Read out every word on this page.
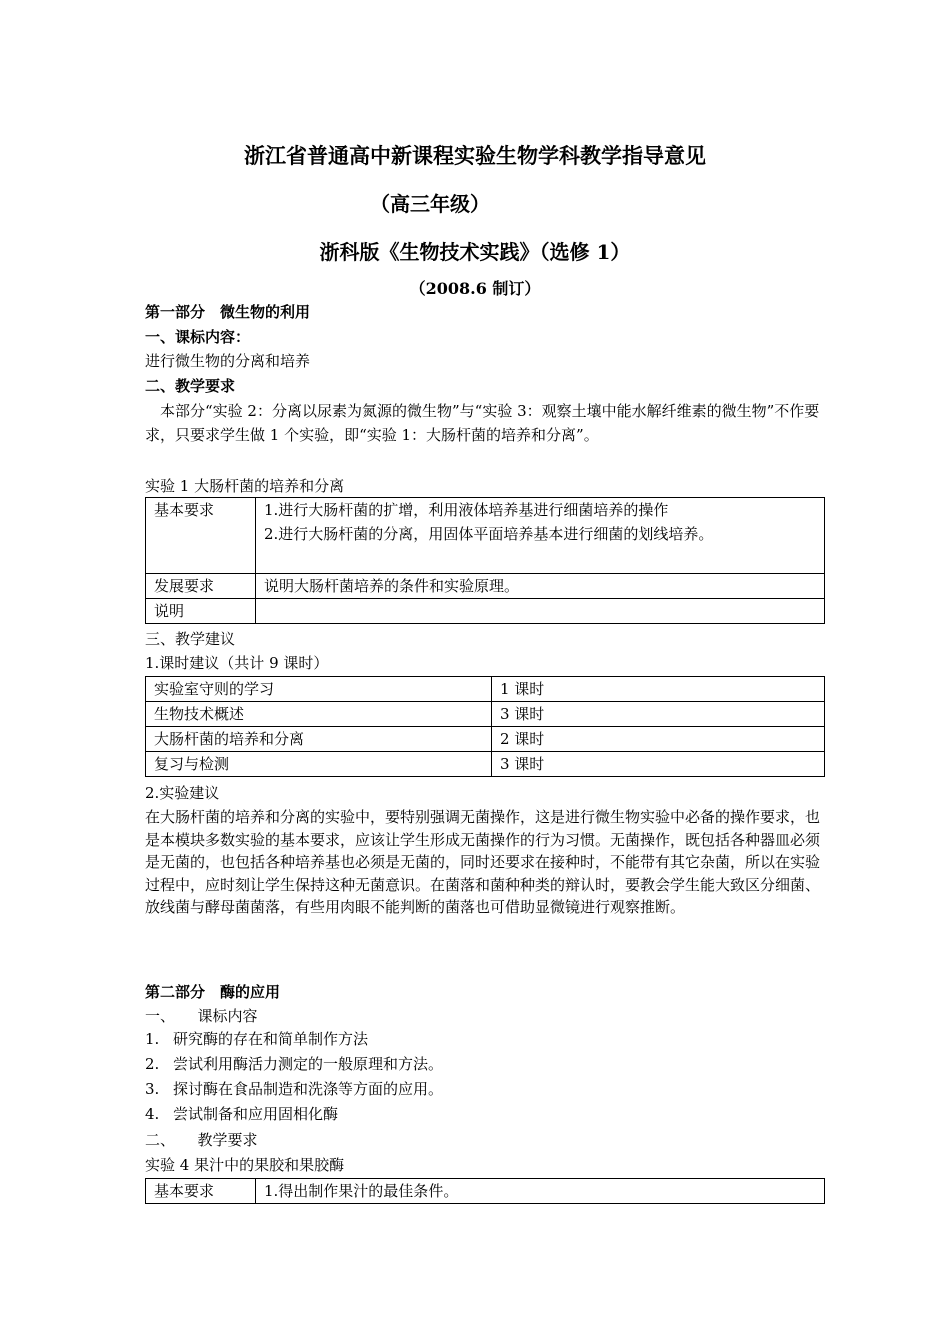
浙江省普通高中新课程实验生物学科教学指导意见
（高三年级）
浙科版《生物技术实践》（选修 1）
（2008.6 制订）
第一部分　微生物的利用
一、课标内容：
进行微生物的分离和培养
二、教学要求
本部分“实验 2：分离以尿素为氮源的微生物”与“实验 3：观察土壤中能水解纤维素的微生物”不作要求，只要求学生做 1 个实验，即“实验 1：大肠杆菌的培养和分离”。
实验 1 大肠杆菌的培养和分离
基本要求	1.进行大肠杆菌的扩增，利用液体培养基进行细菌培养的操作
2.进行大肠杆菌的分离，用固体平面培养基本进行细菌的划线培养。

发展要求	说明大肠杆菌培养的条件和实验原理。
说明	
三、教学建议
1.课时建议（共计 9 课时）
实验室守则的学习	1 课时
生物技术概述	3 课时
大肠杆菌的培养和分离	2 课时
复习与检测	3 课时
2.实验建议
在大肠杆菌的培养和分离的实验中，要特别强调无菌操作，这是进行微生物实验中必备的操作要求，也是本模块多数实验的基本要求，应该让学生形成无菌操作的行为习惯。无菌操作，既包括各种器皿必须是无菌的，也包括各种培养基也必须是无菌的，同时还要求在接种时，不能带有其它杂菌，所以在实验过程中，应时刻让学生保持这种无菌意识。在菌落和菌种种类的辩认时，要教会学生能大致区分细菌、放线菌与酵母菌菌落，有些用肉眼不能判断的菌落也可借助显微镜进行观察推断。
第二部分　酶的应用
一、　　课标内容
1. 研究酶的存在和简单制作方法
2. 尝试利用酶活力测定的一般原理和方法。
3. 探讨酶在食品制造和洗涤等方面的应用。
4. 尝试制备和应用固相化酶
二、　　教学要求
实验 4 果汁中的果胶和果胶酶
基本要求	1.得出制作果汁的最佳条件。
